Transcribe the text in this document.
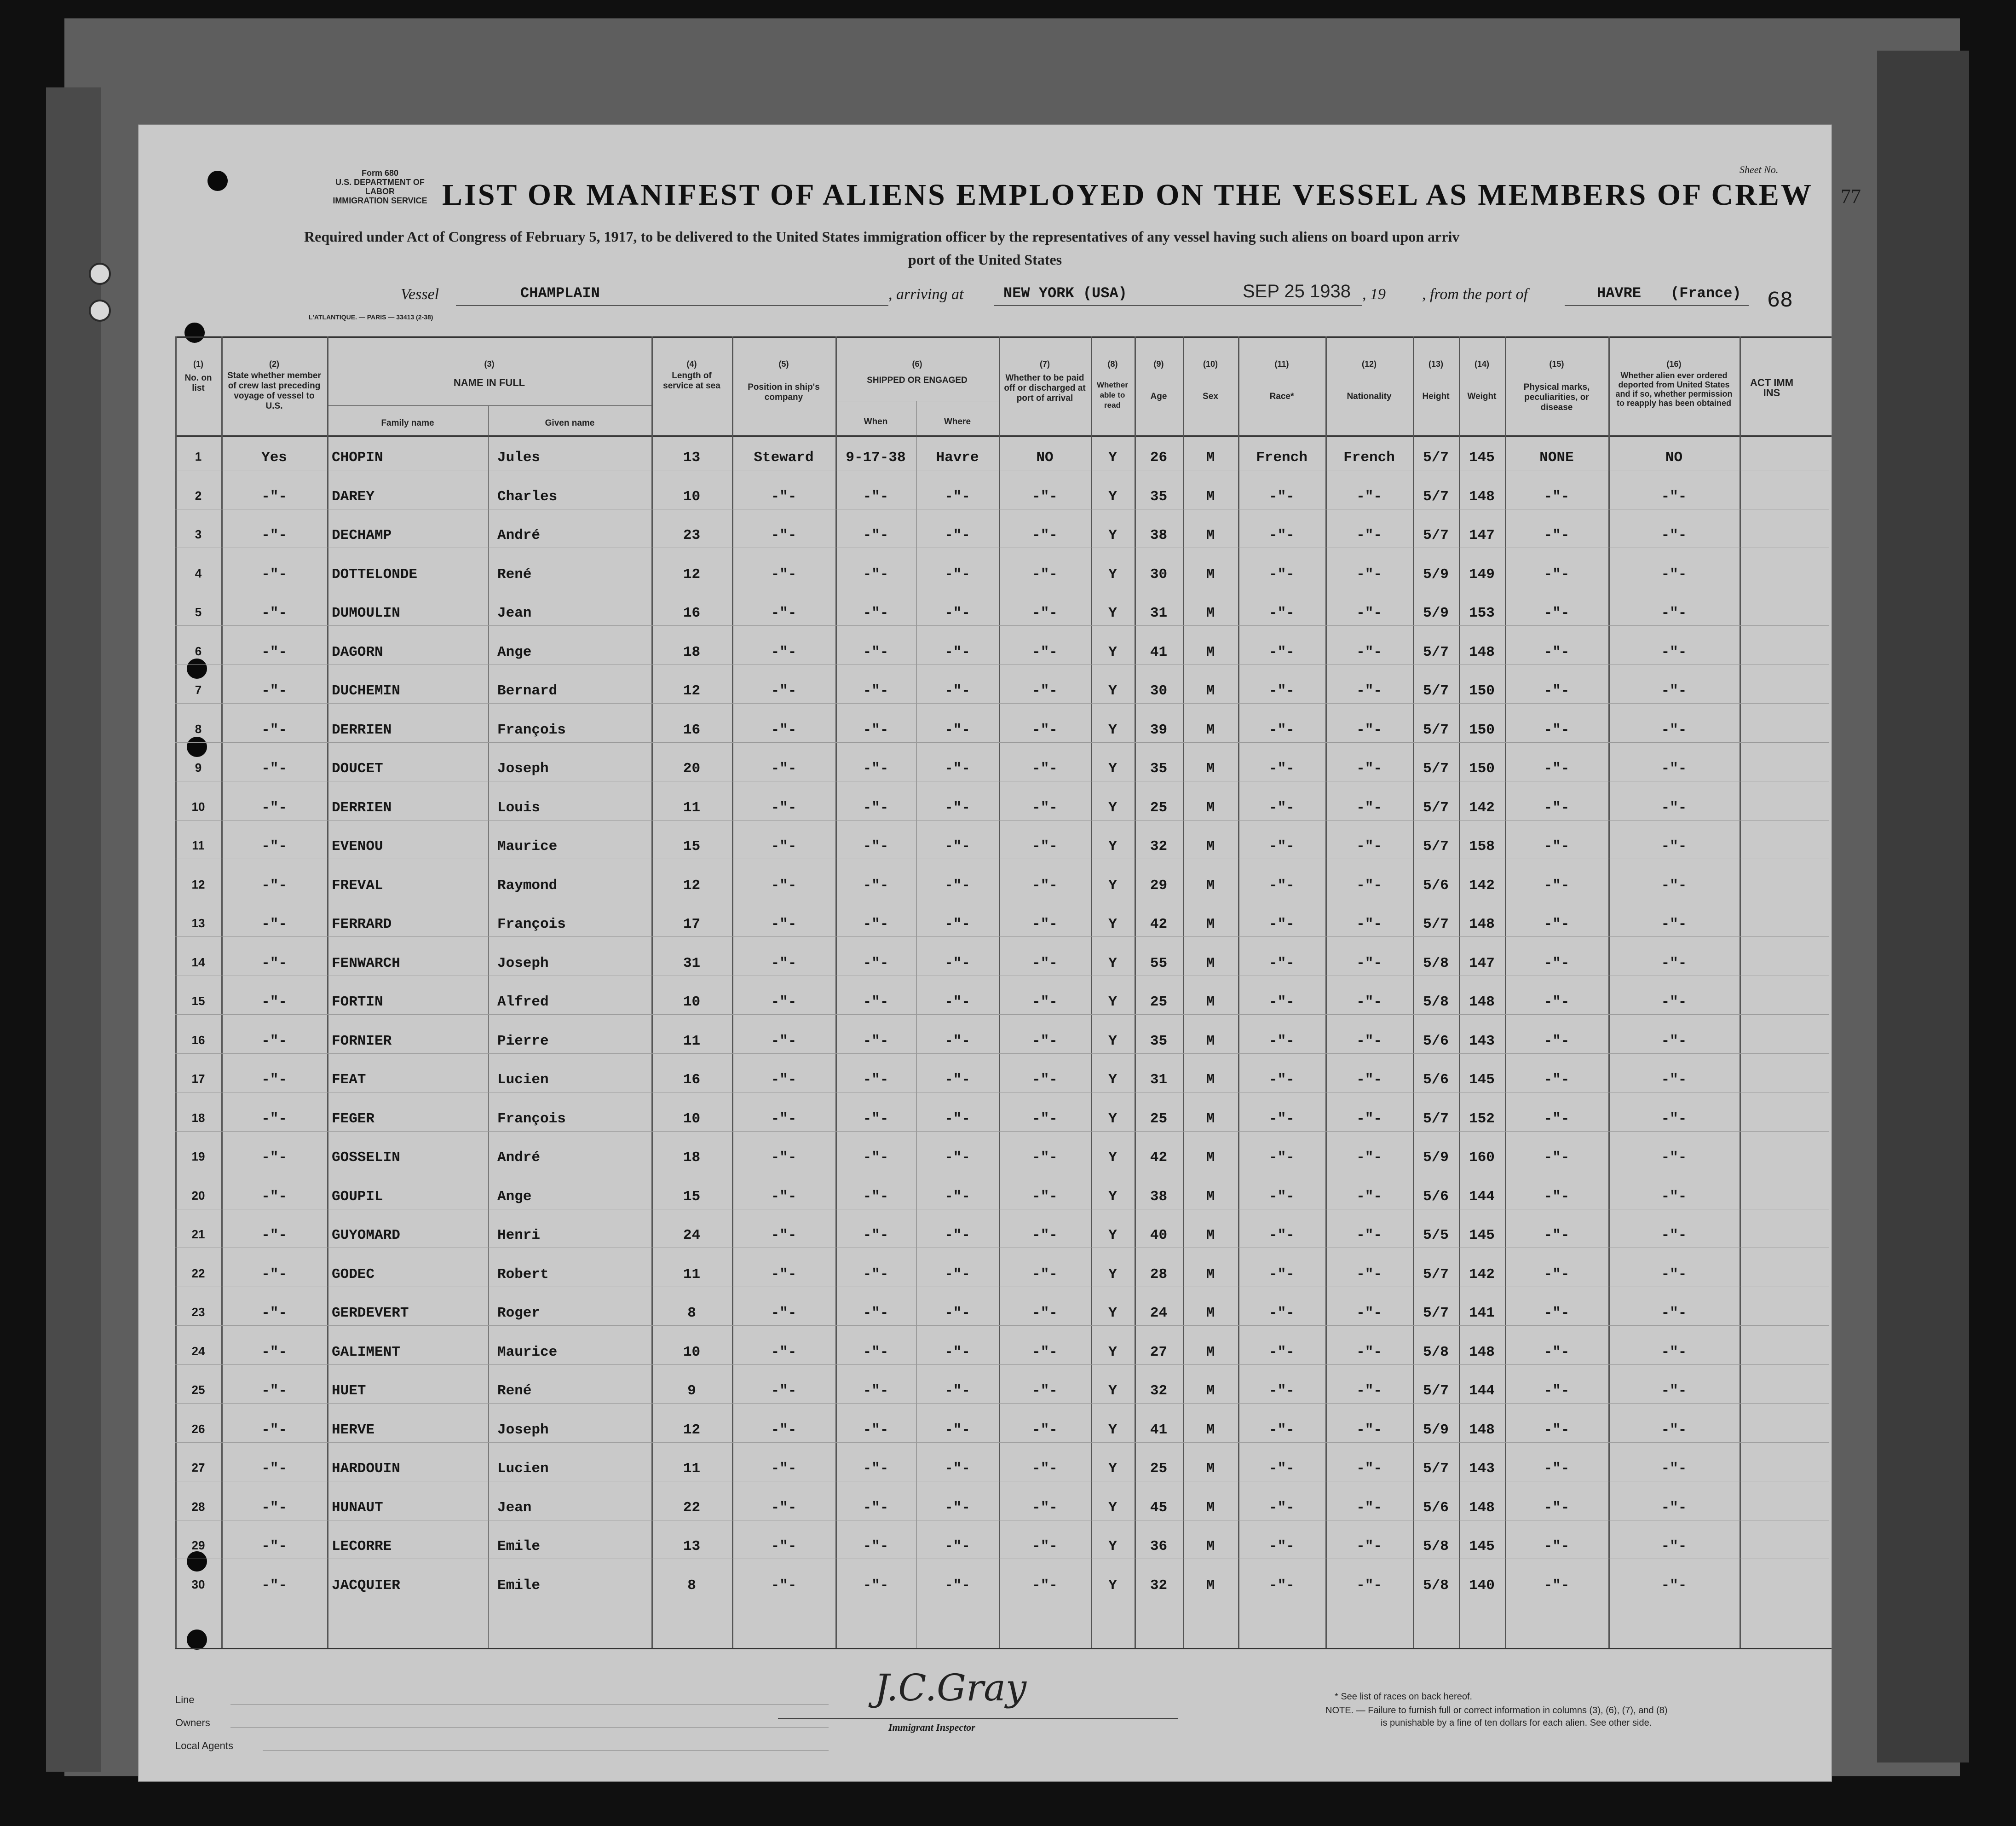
Form 680
U.S. DEPARTMENT OF LABOR
IMMIGRATION SERVICE
Sheet No.
77
LIST OR MANIFEST OF ALIENS EMPLOYED ON THE VESSEL AS MEMBERS OF CREW
Required under Act of Congress of February 5, 1917, to be delivered to the United States immigration officer by the representatives of any vessel having such aliens on board upon arriv
port of the United States
Vessel	CHAMPLAIN	, arriving at	NEW YORK (USA)	SEP 25 1938 , 19 , from the port of	HAVRE (France) 68
L'ATLANTIQUE. — PARIS — 33413 (2-38)
(1)	(2)	(3)	(4)	(5)	(6)	(7)	(8)	(9)	(10)	(11)	(12)	(13)	(14)	(15)	(16)
No. on list
State whether member of crew last preceding voyage of vessel to U.S.
NAME IN FULL
Family name	Given name
Length of service at sea	Position in ship's company
SHIPPED OR ENGAGED
When	Where
Whether to be paid off or discharged at port of arrival
Whether able to read
Age	Sex	Race*	Nationality	Height	Weight
Physical marks, peculiarities, or disease
Whether alien ever ordered deported from United States and if so, whether permission to reapply has been obtained
ACT IMM INS
1	Yes	CHOPIN	Jules	13	Steward	9-17-38	Havre	NO	Y	26	M	French	French	5/7	145	NONE	NO
2	-"-	DAREY	Charles	10	-"-	-"-	-"-	-"-	Y	35	M	-"-	-"-	5/7	148	-"-	-"-
3	-"-	DECHAMP	André	23	-"-	-"-	-"-	-"-	Y	38	M	-"-	-"-	5/7	147	-"-	-"-
4	-"-	DOTTELONDE	René	12	-"-	-"-	-"-	-"-	Y	30	M	-"-	-"-	5/9	149	-"-	-"-
5	-"-	DUMOULIN	Jean	16	-"-	-"-	-"-	-"-	Y	31	M	-"-	-"-	5/9	153	-"-	-"-
6	-"-	DAGORN	Ange	18	-"-	-"-	-"-	-"-	Y	41	M	-"-	-"-	5/7	148	-"-	-"-
7	-"-	DUCHEMIN	Bernard	12	-"-	-"-	-"-	-"-	Y	30	M	-"-	-"-	5/7	150	-"-	-"-
8	-"-	DERRIEN	François	16	-"-	-"-	-"-	-"-	Y	39	M	-"-	-"-	5/7	150	-"-	-"-
9	-"-	DOUCET	Joseph	20	-"-	-"-	-"-	-"-	Y	35	M	-"-	-"-	5/7	150	-"-	-"-
10	-"-	DERRIEN	Louis	11	-"-	-"-	-"-	-"-	Y	25	M	-"-	-"-	5/7	142	-"-	-"-
11	-"-	EVENOU	Maurice	15	-"-	-"-	-"-	-"-	Y	32	M	-"-	-"-	5/7	158	-"-	-"-
12	-"-	FREVAL	Raymond	12	-"-	-"-	-"-	-"-	Y	29	M	-"-	-"-	5/6	142	-"-	-"-
13	-"-	FERRARD	François	17	-"-	-"-	-"-	-"-	Y	42	M	-"-	-"-	5/7	148	-"-	-"-
14	-"-	FENWARCH	Joseph	31	-"-	-"-	-"-	-"-	Y	55	M	-"-	-"-	5/8	147	-"-	-"-
15	-"-	FORTIN	Alfred	10	-"-	-"-	-"-	-"-	Y	25	M	-"-	-"-	5/8	148	-"-	-"-
16	-"-	FORNIER	Pierre	11	-"-	-"-	-"-	-"-	Y	35	M	-"-	-"-	5/6	143	-"-	-"-
17	-"-	FEAT	Lucien	16	-"-	-"-	-"-	-"-	Y	31	M	-"-	-"-	5/6	145	-"-	-"-
18	-"-	FEGER	François	10	-"-	-"-	-"-	-"-	Y	25	M	-"-	-"-	5/7	152	-"-	-"-
19	-"-	GOSSELIN	André	18	-"-	-"-	-"-	-"-	Y	42	M	-"-	-"-	5/9	160	-"-	-"-
20	-"-	GOUPIL	Ange	15	-"-	-"-	-"-	-"-	Y	38	M	-"-	-"-	5/6	144	-"-	-"-
21	-"-	GUYOMARD	Henri	24	-"-	-"-	-"-	-"-	Y	40	M	-"-	-"-	5/5	145	-"-	-"-
22	-"-	GODEC	Robert	11	-"-	-"-	-"-	-"-	Y	28	M	-"-	-"-	5/7	142	-"-	-"-
23	-"-	GERDEVERT	Roger	8	-"-	-"-	-"-	-"-	Y	24	M	-"-	-"-	5/7	141	-"-	-"-
24	-"-	GALIMENT	Maurice	10	-"-	-"-	-"-	-"-	Y	27	M	-"-	-"-	5/8	148	-"-	-"-
25	-"-	HUET	René	9	-"-	-"-	-"-	-"-	Y	32	M	-"-	-"-	5/7	144	-"-	-"-
26	-"-	HERVE	Joseph	12	-"-	-"-	-"-	-"-	Y	41	M	-"-	-"-	5/9	148	-"-	-"-
27	-"-	HARDOUIN	Lucien	11	-"-	-"-	-"-	-"-	Y	25	M	-"-	-"-	5/7	143	-"-	-"-
28	-"-	HUNAUT	Jean	22	-"-	-"-	-"-	-"-	Y	45	M	-"-	-"-	5/6	148	-"-	-"-
29	-"-	LECORRE	Emile	13	-"-	-"-	-"-	-"-	Y	36	M	-"-	-"-	5/8	145	-"-	-"-
30	-"-	JACQUIER	Emile	8	-"-	-"-	-"-	-"-	Y	32	M	-"-	-"-	5/8	140	-"-	-"-
Line
Owners
Local Agents
J.C.Gray
Immigrant Inspector
* See list of races on back hereof.
NOTE. — Failure to furnish full or correct information in columns (3), (6), (7), and (8)
is punishable by a fine of ten dollars for each alien. See other side.
